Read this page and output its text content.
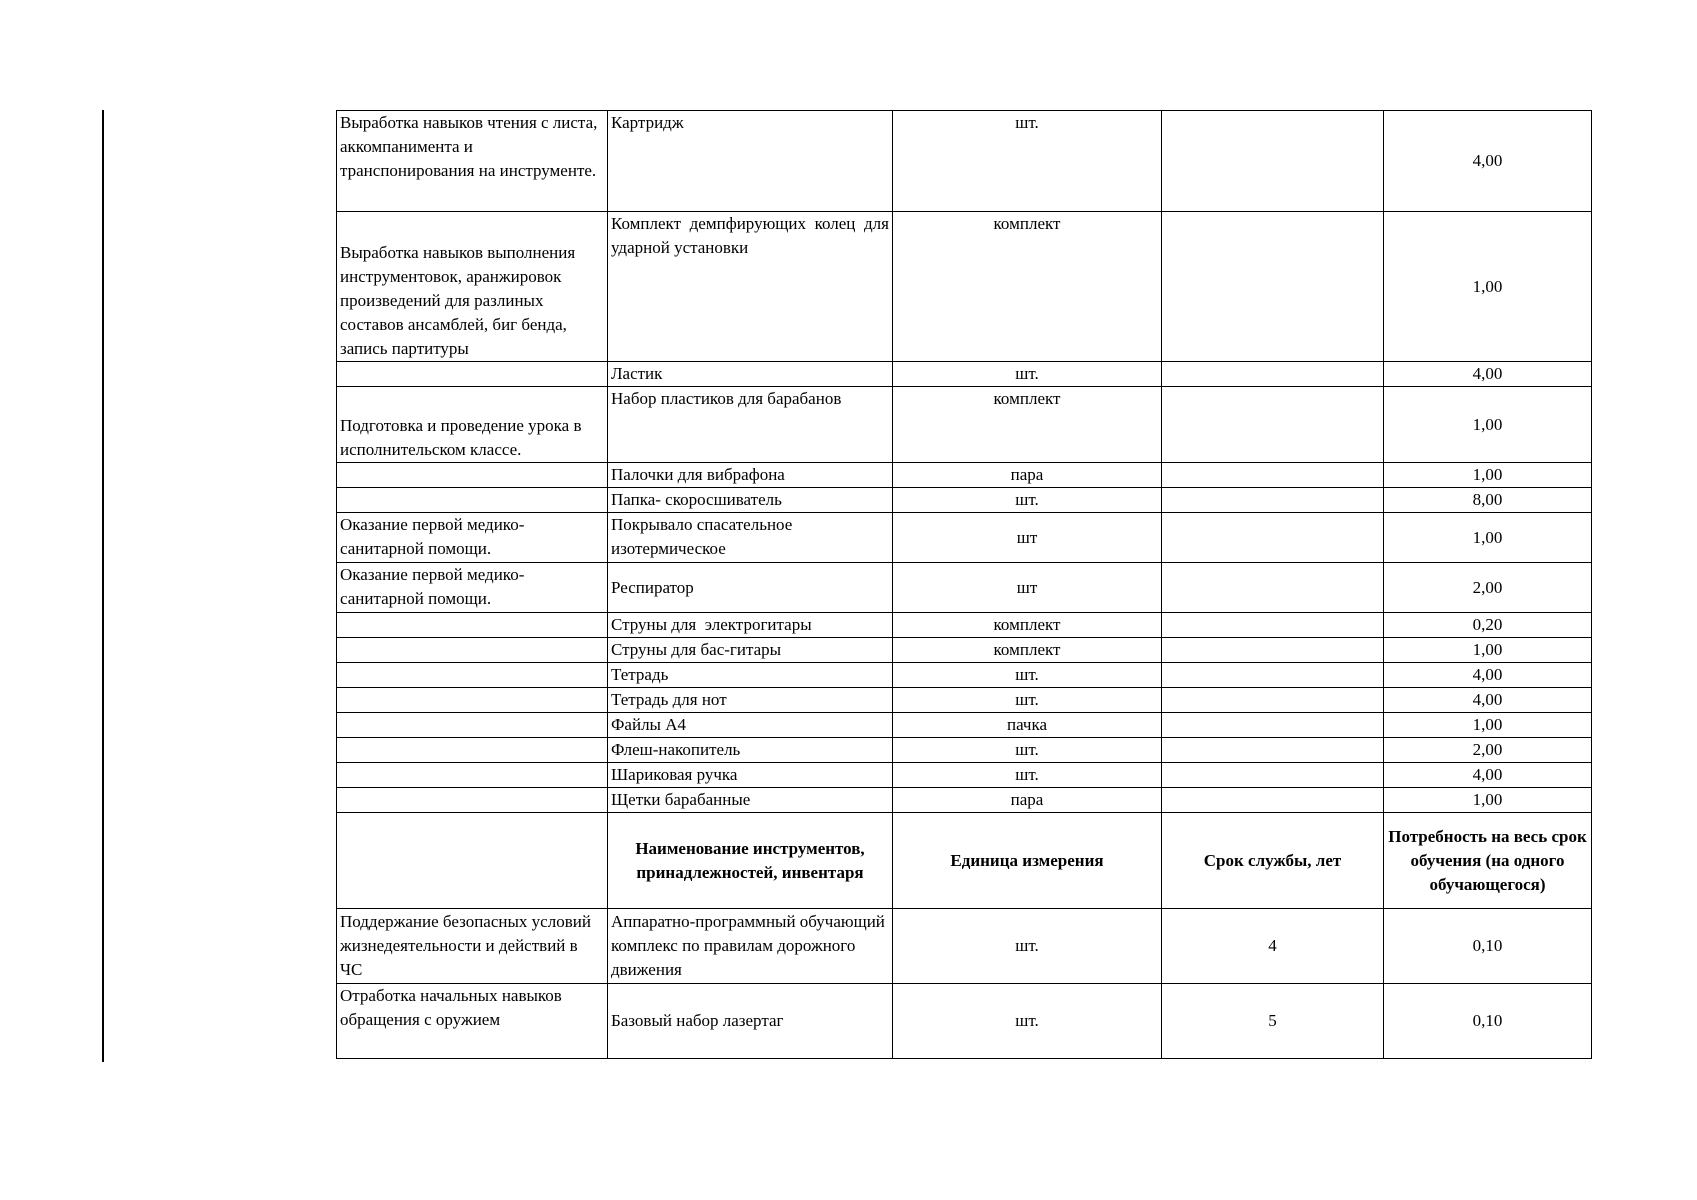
Выработка навыков чтения с листа, аккомпанимента и транспонирования на инструменте.	Картридж	шт.		4,00
Выработка навыков выполнения инструментовок, аранжировок произведений для разлиных составов ансамблей, биг бенда, запись партитуры	Комплект демпфирующих колец для ударной установки	комплект		1,00
	Ластик	шт.		4,00
Подготовка и проведение урока в исполнительском классе.	Набор пластиков для барабанов	комплект		1,00
	Палочки для вибрафона	пара		1,00
	Папка- скоросшиватель	шт.		8,00
Оказание первой медико-санитарной помощи.	Покрывало спасательное изотермическое	шт		1,00
Оказание первой медико-санитарной помощи.	Респиратор	шт		2,00
	Струны для  электрогитары	комплект		0,20
	Струны для бас-гитары	комплект		1,00
	Тетрадь	шт.		4,00
	Тетрадь для нот	шт.		4,00
	Файлы А4	пачка		1,00
	Флеш-накопитель	шт.		2,00
	Шариковая ручка	шт.		4,00
	Щетки барабанные	пара		1,00
	Наименование инструментов, принадлежностей, инвентаря	Единица измерения	Срок службы, лет	Потребность на весь срок обучения (на одного обучающегося)
Поддержание безопасных условий жизнедеятельности и действий в ЧС	Аппаратно-программный обучающий комплекс по правилам дорожного движения	шт.	4	0,10
Отработка начальных навыков обращения с оружием	Базовый набор лазертаг	шт.	5	0,10
